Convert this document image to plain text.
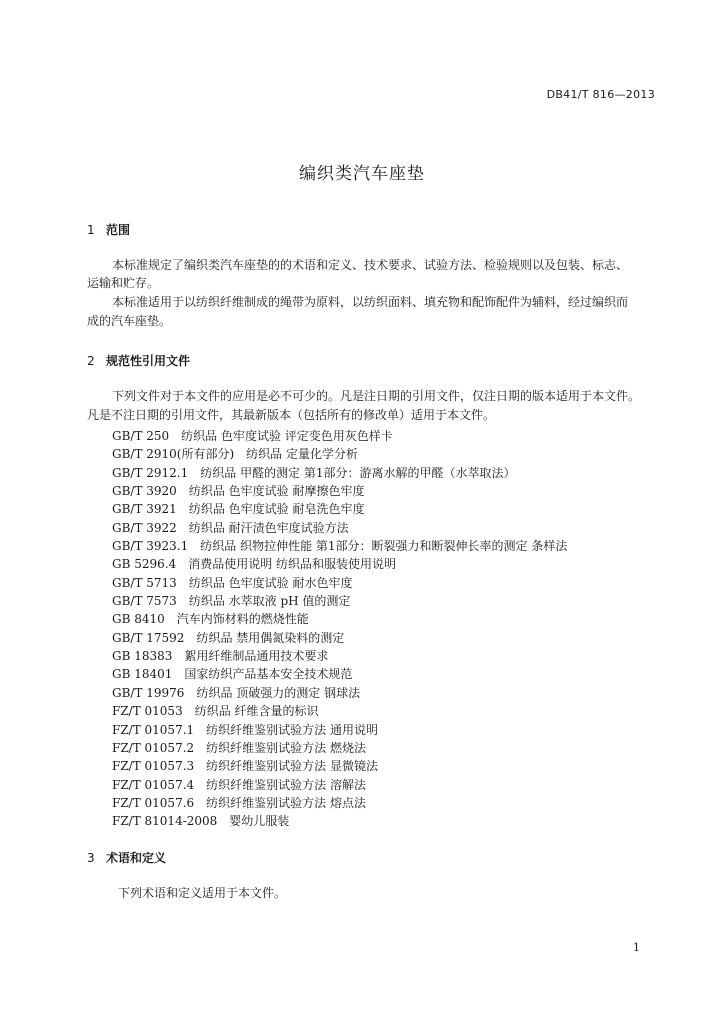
DB41/T 816—2013
编织类汽车座垫
1 范围
本标准规定了编织类汽车座垫的的术语和定义、技术要求、试验方法、检验规则以及包装、标志、
运输和贮存。
本标准适用于以纺织纤维制成的绳带为原料，以纺织面料、填充物和配饰配件为辅料，经过编织而
成的汽车座垫。
2 规范性引用文件
下列文件对于本文件的应用是必不可少的。凡是注日期的引用文件，仅注日期的版本适用于本文件。
凡是不注日期的引用文件，其最新版本（包括所有的修改单）适用于本文件。
GB/T 250 纺织品 色牢度试验 评定变色用灰色样卡
GB/T 2910(所有部分) 纺织品 定量化学分析
GB/T 2912.1 纺织品 甲醛的测定 第1部分：游离水解的甲醛（水萃取法）
GB/T 3920 纺织品 色牢度试验 耐摩擦色牢度
GB/T 3921 纺织品 色牢度试验 耐皂洗色牢度
GB/T 3922 纺织品 耐汗渍色牢度试验方法
GB/T 3923.1 纺织品 织物拉伸性能 第1部分：断裂强力和断裂伸长率的测定 条样法
GB 5296.4 消费品使用说明 纺织品和服装使用说明
GB/T 5713 纺织品 色牢度试验 耐水色牢度
GB/T 7573 纺织品 水萃取液 pH 值的测定
GB 8410 汽车内饰材料的燃烧性能
GB/T 17592 纺织品 禁用偶氮染料的测定
GB 18383 絮用纤维制品通用技术要求
GB 18401 国家纺织产品基本安全技术规范
GB/T 19976 纺织品 顶破强力的测定 钢球法
FZ/T 01053 纺织品 纤维含量的标识
FZ/T 01057.1 纺织纤维鉴别试验方法 通用说明
FZ/T 01057.2 纺织纤维鉴别试验方法 燃烧法
FZ/T 01057.3 纺织纤维鉴别试验方法 显微镜法
FZ/T 01057.4 纺织纤维鉴别试验方法 溶解法
FZ/T 01057.6 纺织纤维鉴别试验方法 熔点法
FZ/T 81014-2008 婴幼儿服装
3 术语和定义
下列术语和定义适用于本文件。
1
